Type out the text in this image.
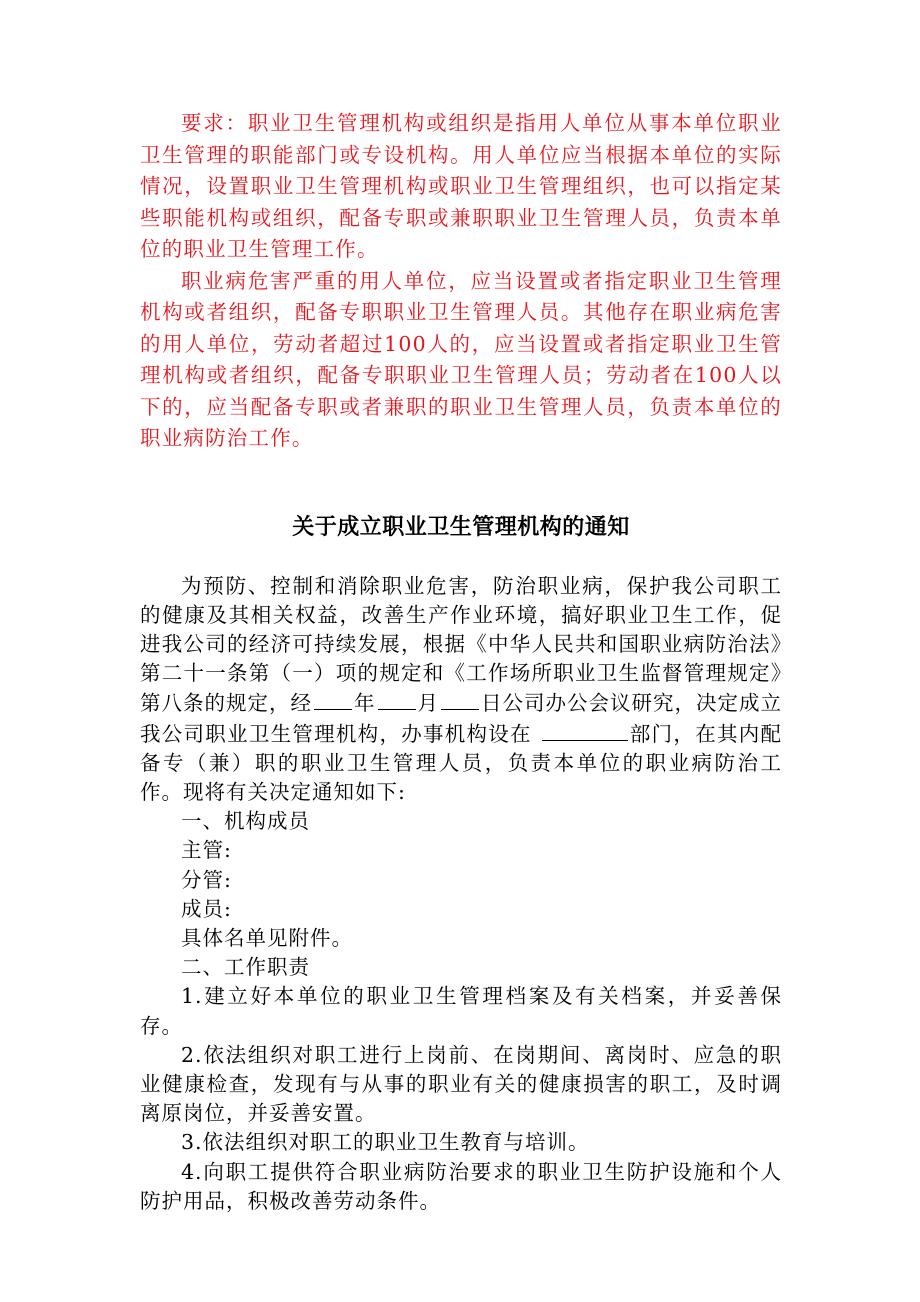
要求：职业卫生管理机构或组织是指用人单位从事本单位职业卫生管理的职能部门或专设机构。用人单位应当根据本单位的实际情况，设置职业卫生管理机构或职业卫生管理组织，也可以指定某些职能机构或组织，配备专职或兼职职业卫生管理人员，负责本单位的职业卫生管理工作。

职业病危害严重的用人单位，应当设置或者指定职业卫生管理机构或者组织，配备专职职业卫生管理人员。其他存在职业病危害的用人单位，劳动者超过100人的，应当设置或者指定职业卫生管理机构或者组织，配备专职职业卫生管理人员；劳动者在100人以下的，应当配备专职或者兼职的职业卫生管理人员，负责本单位的职业病防治工作。

关于成立职业卫生管理机构的通知

为预防、控制和消除职业危害，防治职业病，保护我公司职工的健康及其相关权益，改善生产作业环境，搞好职业卫生工作，促进我公司的经济可持续发展，根据《中华人民共和国职业病防治法》第二十一条第（一）项的规定和《工作场所职业卫生监督管理规定》第八条的规定，经 年 月 日公司办公会议研究，决定成立我公司职业卫生管理机构，办事机构设在	部门，在其内配备专（兼）职的职业卫生管理人员，负责本单位的职业病防治工作。现将有关决定通知如下:

一、机构成员

主管:

分管:

成员:

具体名单见附件。

二、工作职责

1.建立好本单位的职业卫生管理档案及有关档案，并妥善保存。

2.依法组织对职工进行上岗前、在岗期间、离岗时、应急的职业健康检查，发现有与从事的职业有关的健康损害的职工，及时调离原岗位，并妥善安置。

3.依法组织对职工的职业卫生教育与培训。

4.向职工提供符合职业病防治要求的职业卫生防护设施和个人防护用品，积极改善劳动条件。
